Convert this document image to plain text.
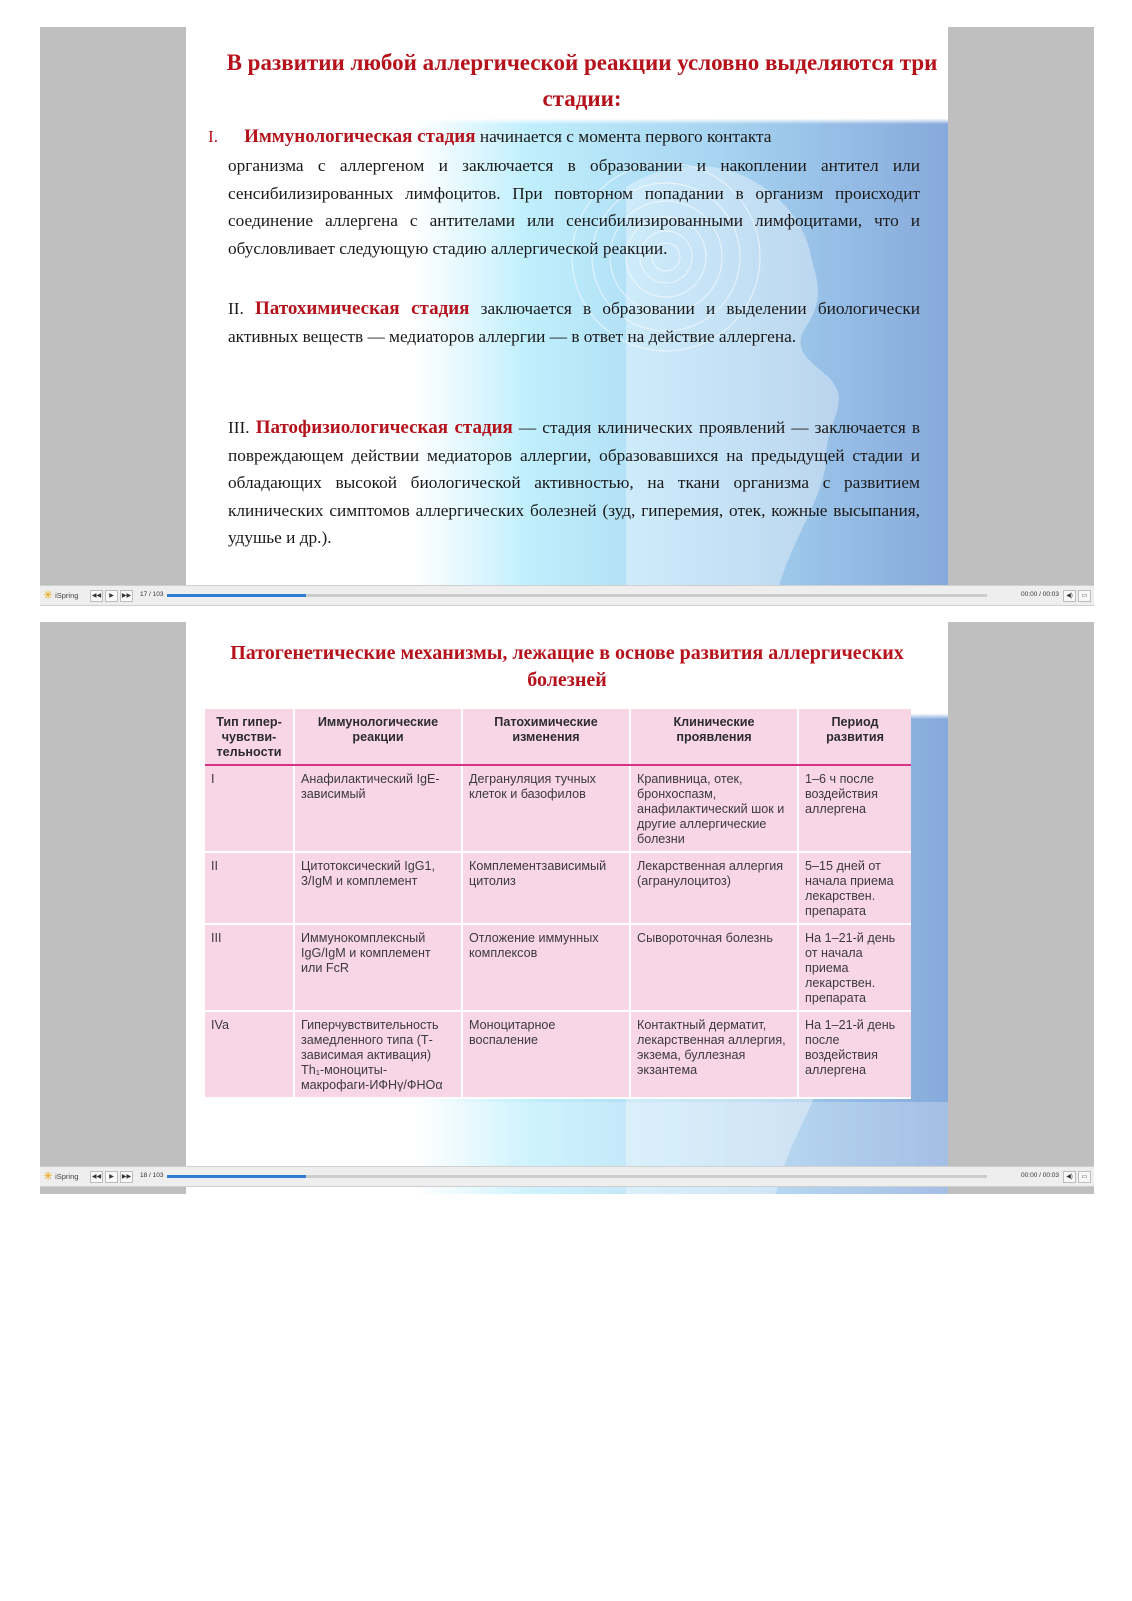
В развитии любой аллергической реакции условно выделяются три стадии:
I. Иммунологическая стадия начинается с момента первого контакта
организма с аллергеном и заключается в образовании и накоплении антител или сенсибилизированных лимфоцитов. При повторном попадании в организм происходит соединение аллергена с антителами или сенсибилизированными лимфоцитами, что и обусловливает следующую стадию аллергической реакции.
II. Патохимическая стадия заключается в образовании и выделении биологически активных веществ — медиаторов аллергии — в ответ на действие аллергена.
III. Патофизиологическая стадия — стадия клинических проявлений — заключается в повреждающем действии медиаторов аллергии, образовавшихся на предыдущей стадии и обладающих высокой биологической активностью, на ткани организма с развитием клинических симптомов аллергических болезней (зуд, гиперемия, отек, кожные высыпания, удушье и др.).
✳ iSpring	◀◀	▶	▶▶ 17 / 103	00:00 / 00:03	◀)	▭
Патогенетические механизмы, лежащие в основе развития аллергических болезней
Тип гипер-чувстви-тельности	Иммунологические реакции	Патохимические изменения	Клинические проявления	Период развития
I	Анафилактический IgE-зависимый	Дегрануляция тучных клеток и базофилов	Крапивница, отек, бронхоспазм, анафилактический шок и другие аллергические болезни	1–6 ч после воздействия аллергена
II	Цитотоксический IgG1, 3/IgM и комплемент	Комплементзависимый цитолиз	Лекарственная аллергия (агранулоцитоз)	5–15 дней от начала приема лекарствен. препарата
III	Иммунокомплексный IgG/IgM и комплемент или FcR	Отложение иммунных комплексов	Сывороточная болезнь	На 1–21-й день от начала приема лекарствен. препарата
IVa	Гиперчувствительность замедленного типа (Т-зависимая активация) Th₁-моноциты-макрофаги-ИФНγ/ФНОα	Моноцитарное воспаление	Контактный дерматит, лекарственная аллергия, экзема, буллезная экзантема	На 1–21-й день после воздействия аллергена
✳ iSpring	◀◀	▶	▶▶ 18 / 103	00:00 / 00:03	◀)	▭
